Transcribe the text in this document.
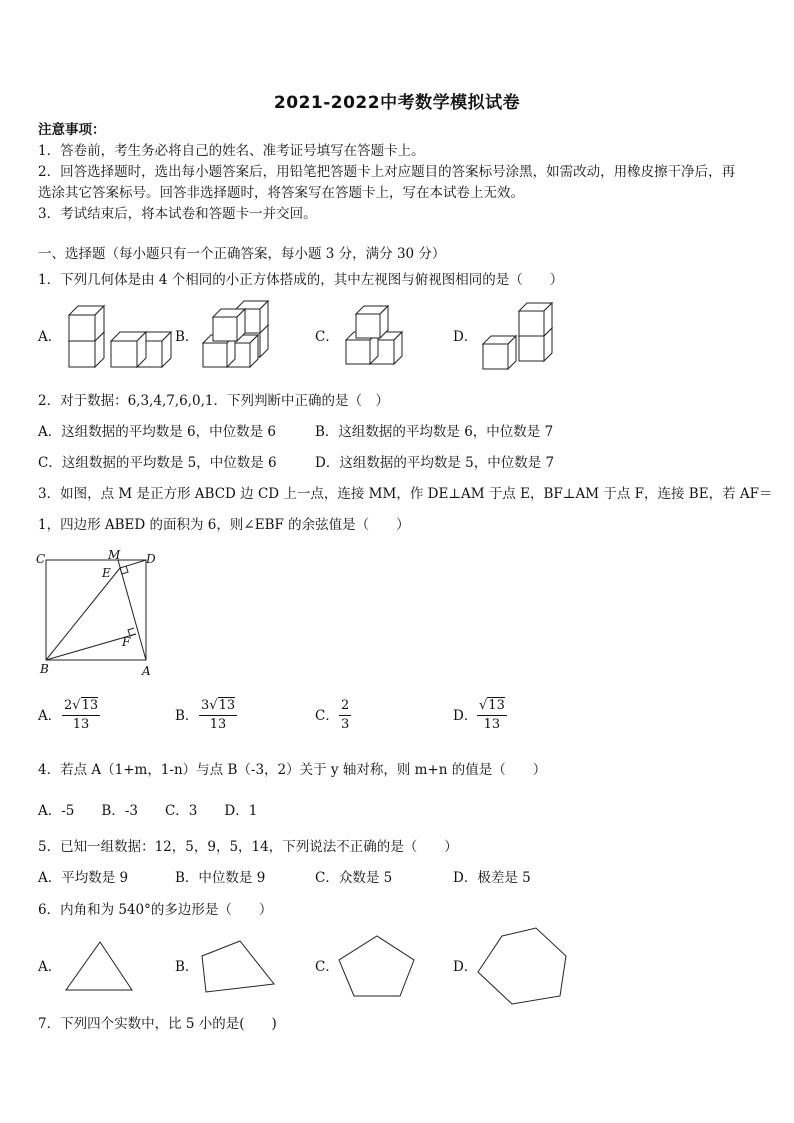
2021-2022中考数学模拟试卷
注意事项：
1．答卷前，考生务必将自己的姓名、准考证号填写在答题卡上。
2．回答选择题时，选出每小题答案后，用铅笔把答题卡上对应题目的答案标号涂黑，如需改动，用橡皮擦干净后，再
选涂其它答案标号。回答非选择题时，将答案写在答题卡上，写在本试卷上无效。
3．考试结束后，将本试卷和答题卡一并交回。
一、选择题（每小题只有一个正确答案，每小题 3 分，满分 30 分）
1．下列几何体是由 4 个相同的小正方体搭成的，其中左视图与俯视图相同的是（　　）
A．	B．	C．	D．
2．对于数据：6,3,4,7,6,0,1．下列判断中正确的是（　）
A．这组数据的平均数是 6，中位数是 6	B．这组数据的平均数是 6，中位数是 7
C．这组数据的平均数是 5，中位数是 6	D．这组数据的平均数是 5，中位数是 7
3．如图，点 M 是正方形 ABCD 边 CD 上一点，连接 MM，作 DE⊥AM 于点 E，BF⊥AM 于点 F，连接 BE，若 AF＝
1，四边形 ABED 的面积为 6，则∠EBF 的余弦值是（　　）
C	M D
E
F
B	A
A． $\frac{2√13}{13}$	B． $\frac{3√13}{13}$	C． $\frac{2}{3}$	D． $\frac{√13}{13}$
4．若点 A（1+m，1-n）与点 B（-3，2）关于 y 轴对称，则 m+n 的值是（　　）
A．-5　　B．-3　　C．3　　D．1
5．已知一组数据：12，5，9，5，14，下列说法不正确的是（　　）
A．平均数是 9	B．中位数是 9	C．众数是 5	D．极差是 5
6．内角和为 540°的多边形是（　　）
A．	B．	C．	D．
7．下列四个实数中，比 5 小的是(　　)
